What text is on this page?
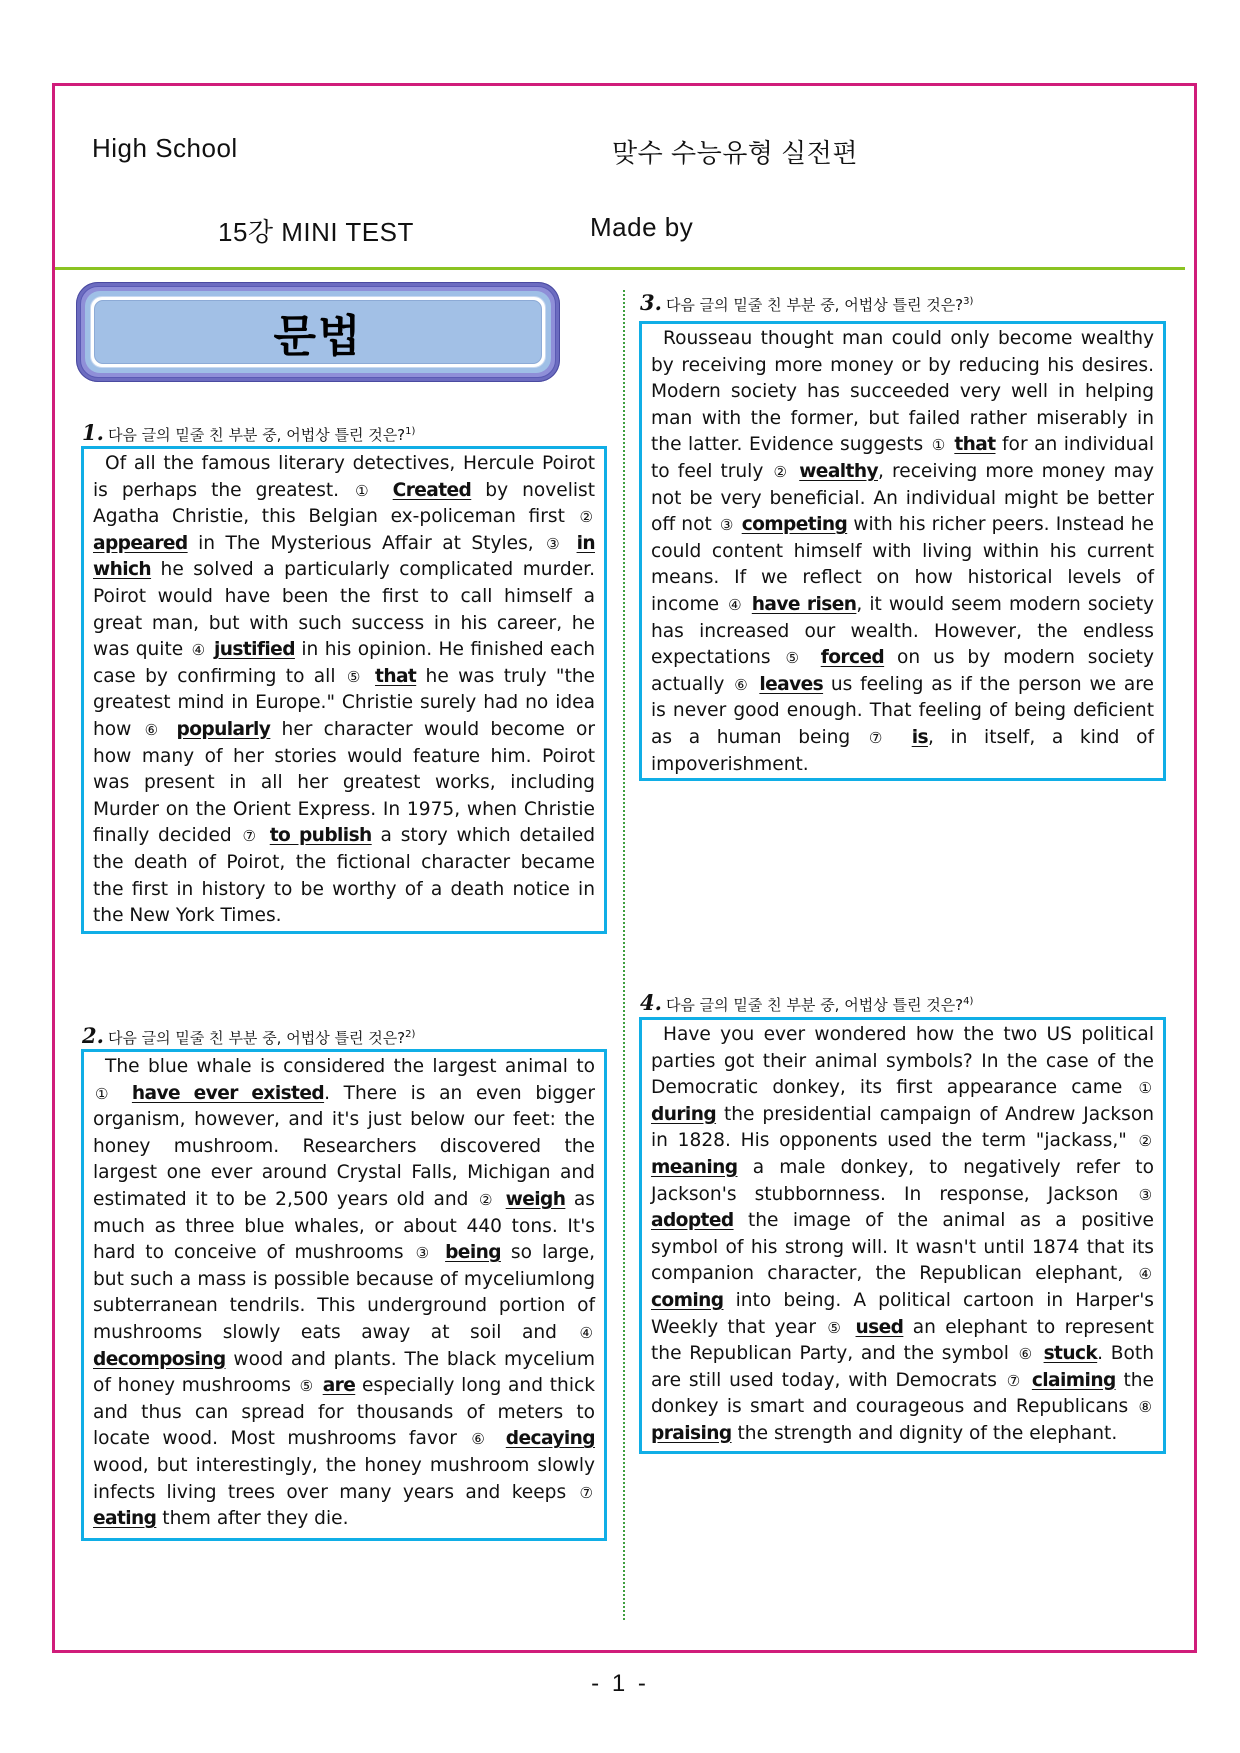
High School	맞수 수능유형 실전편
15강 MINI TEST	Made by
문법
1. 다음 글의 밑줄 친 부분 중, 어법상 틀린 것은?$^{1)}$

Of all the famous literary detectives, Hercule Poirot is perhaps the greatest. ① Created by novelist Agatha Christie, this Belgian ex-policeman first ② appeared in The Mysterious Affair at Styles, ③ in which he solved a particularly complicated murder. Poirot would have been the first to call himself a great man, but with such success in his career, he was quite ④ justified in his opinion. He finished each case by confirming to all ⑤ that he was truly "the greatest mind in Europe." Christie surely had no idea how ⑥ popularly her character would become or how many of her stories would feature him. Poirot was present in all her greatest works, including Murder on the Orient Express. In 1975, when Christie finally decided ⑦ to publish a story which detailed the death of Poirot, the fictional character became the first in history to be worthy of a death notice in the New York Times.

2. 다음 글의 밑줄 친 부분 중, 어법상 틀린 것은?$^{2)}$

The blue whale is considered the largest animal to ① have ever existed. There is an even bigger organism, however, and it's just below our feet: the honey mushroom. Researchers discovered the largest one ever around Crystal Falls, Michigan and estimated it to be 2,500 years old and ② weigh as much as three blue whales, or about 440 tons. It's hard to conceive of mushrooms ③ being so large, but such a mass is possible because of myceliumlong subterranean tendrils. This underground portion of mushrooms slowly eats away at soil and ④ decomposing wood and plants. The black mycelium of honey mushrooms ⑤ are especially long and thick and thus can spread for thousands of meters to locate wood. Most mushrooms favor ⑥ decaying wood, but interestingly, the honey mushroom slowly infects living trees over many years and keeps ⑦ eating them after they die.

3. 다음 글의 밑줄 친 부분 중, 어법상 틀린 것은?$^{3)}$

Rousseau thought man could only become wealthy by receiving more money or by reducing his desires. Modern society has succeeded very well in helping man with the former, but failed rather miserably in the latter. Evidence suggests ① that for an individual to feel truly ② wealthy, receiving more money may not be very beneficial. An individual might be better off not ③ competing with his richer peers. Instead he could content himself with living within his current means. If we reflect on how historical levels of income ④ have risen, it would seem modern society has increased our wealth. However, the endless expectations ⑤ forced on us by modern society actually ⑥ leaves us feeling as if the person we are is never good enough. That feeling of being deficient as a human being ⑦ is, in itself, a kind of impoverishment.

4. 다음 글의 밑줄 친 부분 중, 어법상 틀린 것은?$^{4)}$

Have you ever wondered how the two US political parties got their animal symbols? In the case of the Democratic donkey, its first appearance came ① during the presidential campaign of Andrew Jackson in 1828. His opponents used the term "jackass," ② meaning a male donkey, to negatively refer to Jackson's stubbornness. In response, Jackson ③ adopted the image of the animal as a positive symbol of his strong will. It wasn't until 1874 that its companion character, the Republican elephant, ④ coming into being. A political cartoon in Harper's Weekly that year ⑤ used an elephant to represent the Republican Party, and the symbol ⑥ stuck. Both are still used today, with Democrats ⑦ claiming the donkey is smart and courageous and Republicans ⑧ praising the strength and dignity of the elephant.

- 1 -
